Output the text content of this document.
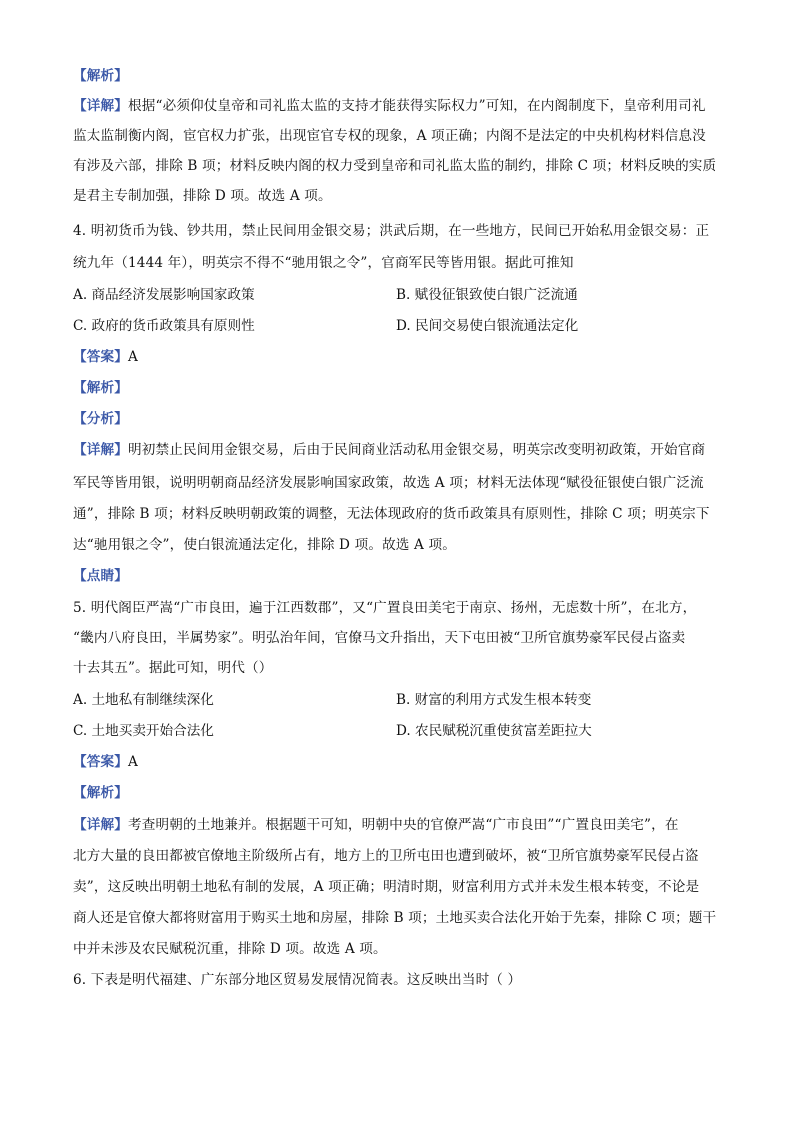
【解析】
【详解】根据“必须仰仗皇帝和司礼监太监的支持才能获得实际权力”可知，在内阁制度下，皇帝利用司礼
监太监制衡内阁，宦官权力扩张，出现宦官专权的现象，A 项正确；内阁不是法定的中央机构材料信息没
有涉及六部，排除 B 项；材料反映内阁的权力受到皇帝和司礼监太监的制约，排除 C 项；材料反映的实质
是君主专制加强，排除 D 项。故选 A 项。
4. 明初货币为钱、钞共用，禁止民间用金银交易；洪武后期，在一些地方，民间已开始私用金银交易：正
统九年（1444 年），明英宗不得不“驰用银之令”，官商军民等皆用银。据此可推知
A. 商品经济发展影响国家政策	B. 赋役征银致使白银广泛流通
C. 政府的货币政策具有原则性	D. 民间交易使白银流通法定化
【答案】A
【解析】
【分析】
【详解】明初禁止民间用金银交易，后由于民间商业活动私用金银交易，明英宗改变明初政策，开始官商
军民等皆用银，说明明朝商品经济发展影响国家政策，故选 A 项；材料无法体现“赋役征银使白银广泛流
通”，排除 B 项；材料反映明朝政策的调整，无法体现政府的货币政策具有原则性，排除 C 项；明英宗下
达“驰用银之令”，使白银流通法定化，排除 D 项。故选 A 项。
【点睛】
5. 明代阁臣严嵩“广市良田，遍于江西数郡”，又“广置良田美宅于南京、扬州，无虑数十所”，在北方，
“畿内八府良田，半属势家”。明弘治年间，官僚马文升指出，天下屯田被“卫所官旗势豪军民侵占盗卖
十去其五”。据此可知，明代（）
A. 土地私有制继续深化	B. 财富的利用方式发生根本转变
C. 土地买卖开始合法化	D. 农民赋税沉重使贫富差距拉大
【答案】A
【解析】
【详解】考查明朝的土地兼并。根据题干可知，明朝中央的官僚严嵩“广市良田”“广置良田美宅”，在
北方大量的良田都被官僚地主阶级所占有，地方上的卫所屯田也遭到破坏，被“卫所官旗势豪军民侵占盗
卖”，这反映出明朝土地私有制的发展，A 项正确；明清时期，财富利用方式并未发生根本转变，不论是
商人还是官僚大都将财富用于购买土地和房屋，排除 B 项；土地买卖合法化开始于先秦，排除 C 项；题干
中并未涉及农民赋税沉重，排除 D 项。故选 A 项。
6. 下表是明代福建、广东部分地区贸易发展情况简表。这反映出当时（ ）
